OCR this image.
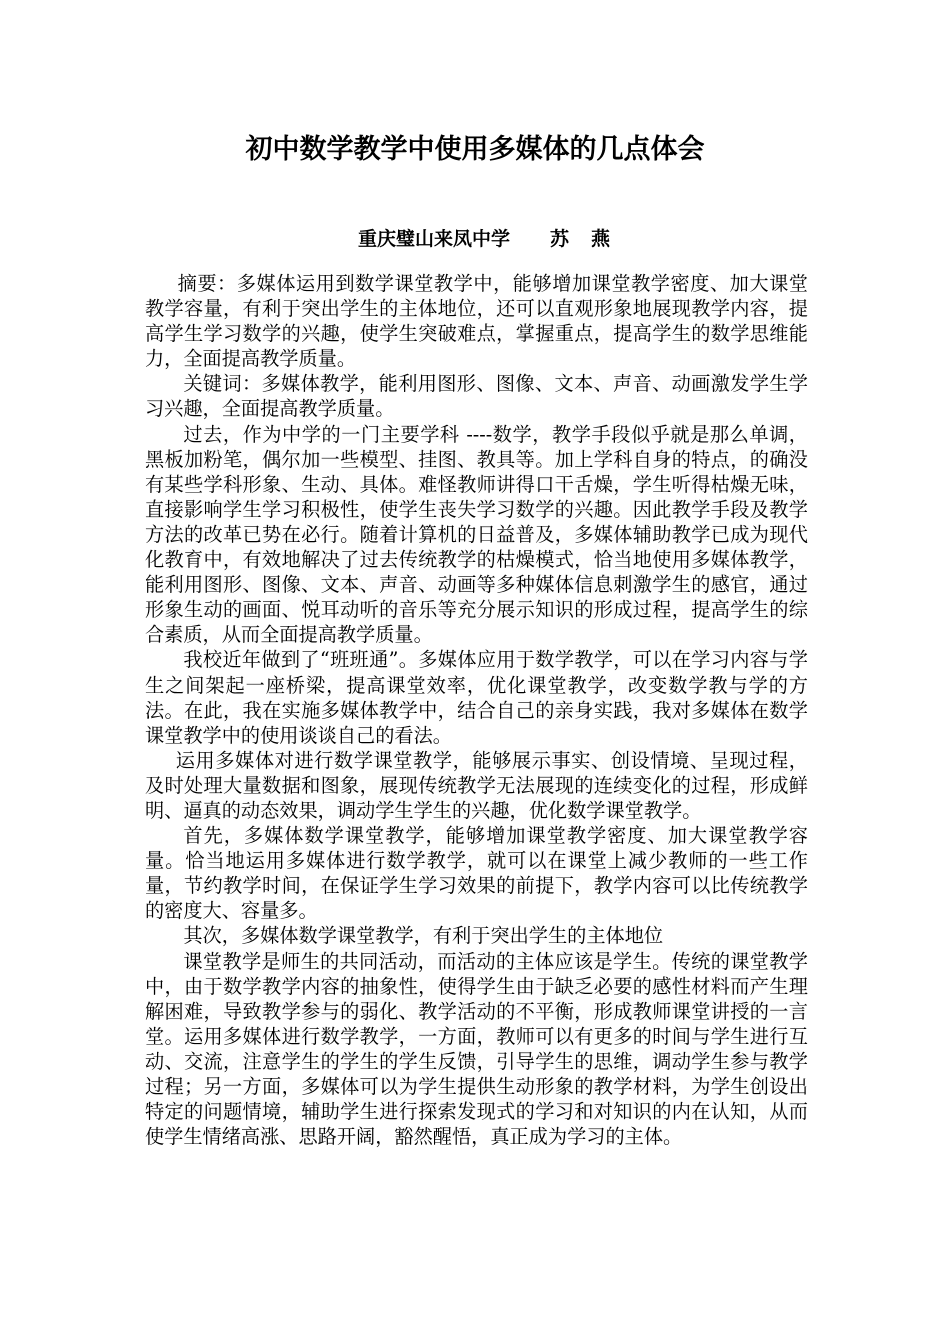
初中数学教学中使用多媒体的几点体会
重庆璧山来凤中学 苏燕

摘要：多媒体运用到数学课堂教学中，能够增加课堂教学密度、加大课堂教学容量，有利于突出学生的主体地位，还可以直观形象地展现教学内容，提高学生学习数学的兴趣，使学生突破难点，掌握重点，提高学生的数学思维能力，全面提高教学质量。

关键词：多媒体教学，能利用图形、图像、文本、声音、动画激发学生学习兴趣，全面提高教学质量。

过去，作为中学的一门主要学科 ----数学，教学手段似乎就是那么单调，黑板加粉笔，偶尔加一些模型、挂图、教具等。加上学科自身的特点，的确没有某些学科形象、生动、具体。难怪教师讲得口干舌燥，学生听得枯燥无味，直接影响学生学习积极性，使学生丧失学习数学的兴趣。因此教学手段及教学方法的改革已势在必行。随着计算机的日益普及，多媒体辅助教学已成为现代化教育中，有效地解决了过去传统教学的枯燥模式，恰当地使用多媒体教学，能利用图形、图像、文本、声音、动画等多种媒体信息刺激学生的感官，通过形象生动的画面、悦耳动听的音乐等充分展示知识的形成过程，提高学生的综合素质，从而全面提高教学质量。

我校近年做到了“班班通”。多媒体应用于数学教学，可以在学习内容与学生之间架起一座桥梁，提高课堂效率，优化课堂教学，改变数学教与学的方法。在此，我在实施多媒体教学中，结合自己的亲身实践，我对多媒体在数学课堂教学中的使用谈谈自己的看法。

运用多媒体对进行数学课堂教学，能够展示事实、创设情境、呈现过程，及时处理大量数据和图象，展现传统教学无法展现的连续变化的过程，形成鲜明、逼真的动态效果，调动学生学生的兴趣，优化数学课堂教学。

首先，多媒体数学课堂教学，能够增加课堂教学密度、加大课堂教学容量。恰当地运用多媒体进行数学教学，就可以在课堂上减少教师的一些工作量，节约教学时间，在保证学生学习效果的前提下，教学内容可以比传统教学的密度大、容量多。

其次，多媒体数学课堂教学，有利于突出学生的主体地位

课堂教学是师生的共同活动，而活动的主体应该是学生。传统的课堂教学中，由于数学教学内容的抽象性，使得学生由于缺乏必要的感性材料而产生理解困难，导致教学参与的弱化、教学活动的不平衡，形成教师课堂讲授的一言堂。运用多媒体进行数学教学，一方面，教师可以有更多的时间与学生进行互动、交流，注意学生的学生的学生反馈，引导学生的思维，调动学生参与教学过程；另一方面，多媒体可以为学生提供生动形象的教学材料，为学生创设出特定的问题情境，辅助学生进行探索发现式的学习和对知识的内在认知，从而使学生情绪高涨、思路开阔，豁然醒悟，真正成为学习的主体。
